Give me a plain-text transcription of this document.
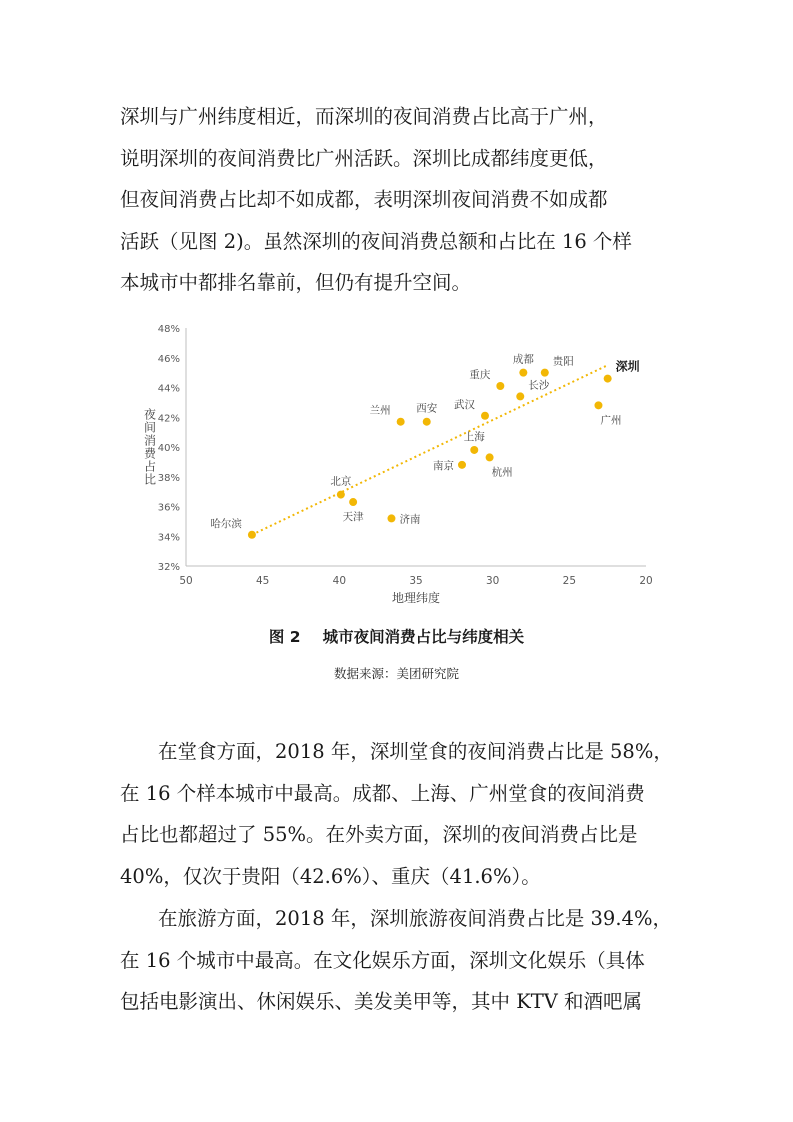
深圳与广州纬度相近，而深圳的夜间消费占比高于广州，
说明深圳的夜间消费比广州活跃。深圳比成都纬度更低，
但夜间消费占比却不如成都，表明深圳夜间消费不如成都
活跃（见图 2)。虽然深圳的夜间消费总额和占比在 16 个样
本城市中都排名靠前，但仍有提升空间。

32%
34%
36%
38%
40%
42%
44%
46%
48%
50	45	40	35	30	25	20
哈尔滨
北京
天津	济南
兰州 西安
南京
上海
杭州
武汉
成都
重庆
贵阳
长沙
广州
深圳
地理纬度
夜间消费占比
图 2 城市夜间消费占比与纬度相关
数据来源：美团研究院

在堂食方面，2018 年，深圳堂食的夜间消费占比是 58%，
在 16 个样本城市中最高。成都、上海、广州堂食的夜间消费
占比也都超过了 55%。在外卖方面，深圳的夜间消费占比是
40%，仅次于贵阳（42.6%）、重庆（41.6%）。

在旅游方面，2018 年，深圳旅游夜间消费占比是 39.4%，
在 16 个城市中最高。在文化娱乐方面，深圳文化娱乐（具体
包括电影演出、休闲娱乐、美发美甲等，其中 KTV 和酒吧属
